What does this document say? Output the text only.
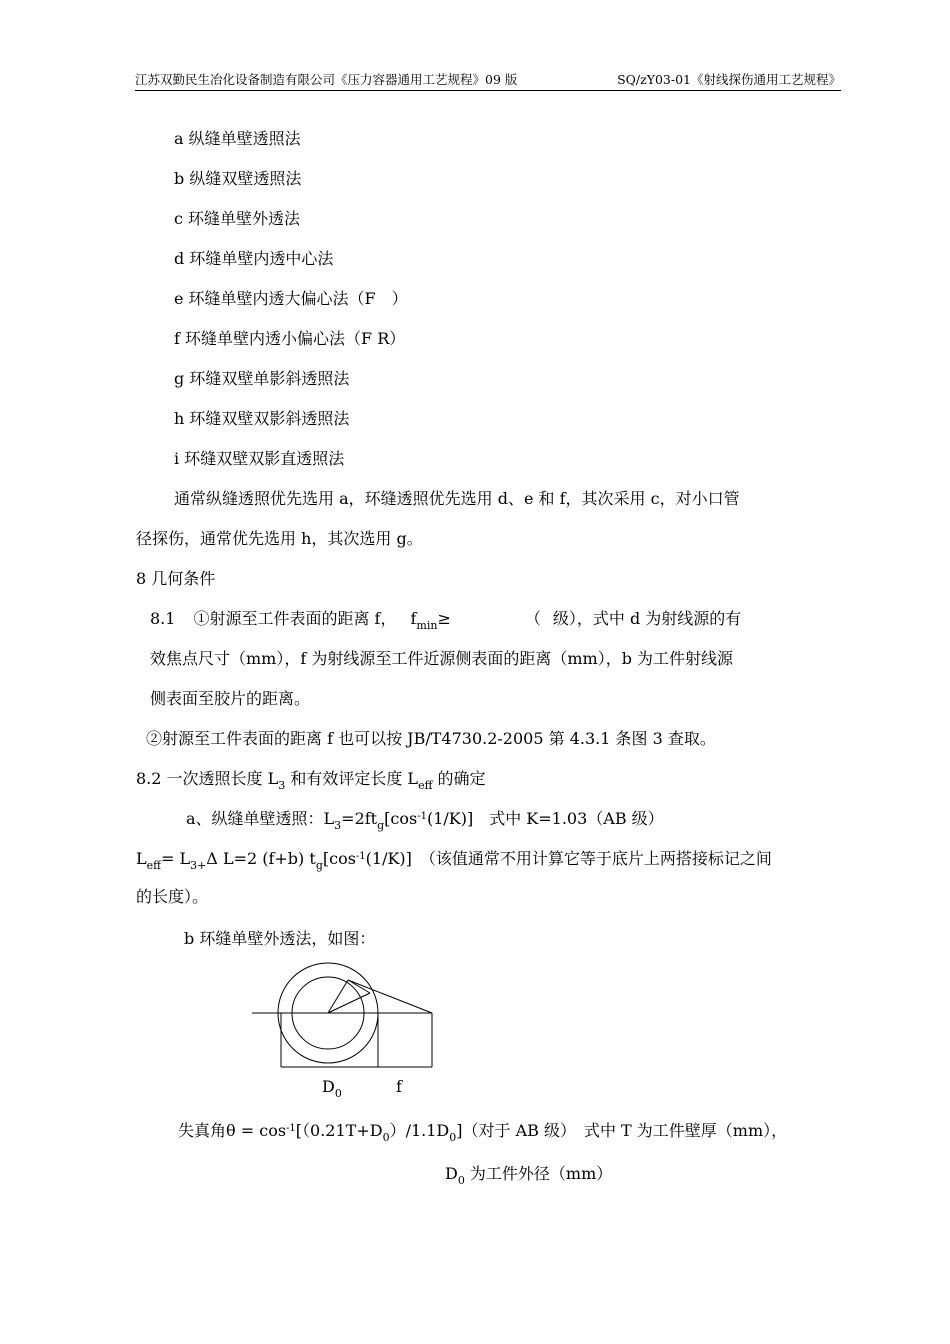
江苏双勤民生冶化设备制造有限公司《压力容器通用工艺规程》09 版	SQ/zY03-01《射线探伤通用工艺规程》
a 纵缝单壁透照法
b 纵缝双壁透照法
c 环缝单壁外透法
d 环缝单壁内透中心法
e 环缝单壁内透大偏心法（F　）
f 环缝单壁内透小偏心法（F R）
g 环缝双壁单影斜透照法
h 环缝双壁双影斜透照法
i 环缝双壁双影直透照法
通常纵缝透照优先选用 a，环缝透照优先选用 d、e 和 f，其次采用 c，对小口管
径探伤，通常优先选用 h，其次选用 g。
8 几何条件
8.1 ①射源至工件表面的距离 f， $f_{min}\ge$	（ 级），式中 d 为射线源的有
效焦点尺寸（mm），f 为射线源至工件近源侧表面的距离（mm），b 为工件射线源
侧表面至胶片的距离。
②射源至工件表面的距离 f 也可以按 JB/T4730.2-2005 第 4.3.1 条图 3 查取。
8.2 一次透照长度 $L_3$ 和有效评定长度 $L_{eff}$ 的确定
a、纵缝单壁透照：$L_3=2ft_g[\cos^{-1}(1/K)]$　式中 K=1.03（AB 级）
$L_{eff}= L_{3+}\Delta$ L=2 (f+b) $t_g[\cos^{-1}(1/K)]$　（该值通常不用计算它等于底片上两搭接标记之间
的长度）。
b 环缝单壁外透法，如图：
$D_0$	f
失真角$\theta = \cos^{-1}[(0.21T+D_0)/1.1D_0]$（对于 AB 级）　式中 T 为工件壁厚（mm），
$D_0$ 为工件外径（mm）
